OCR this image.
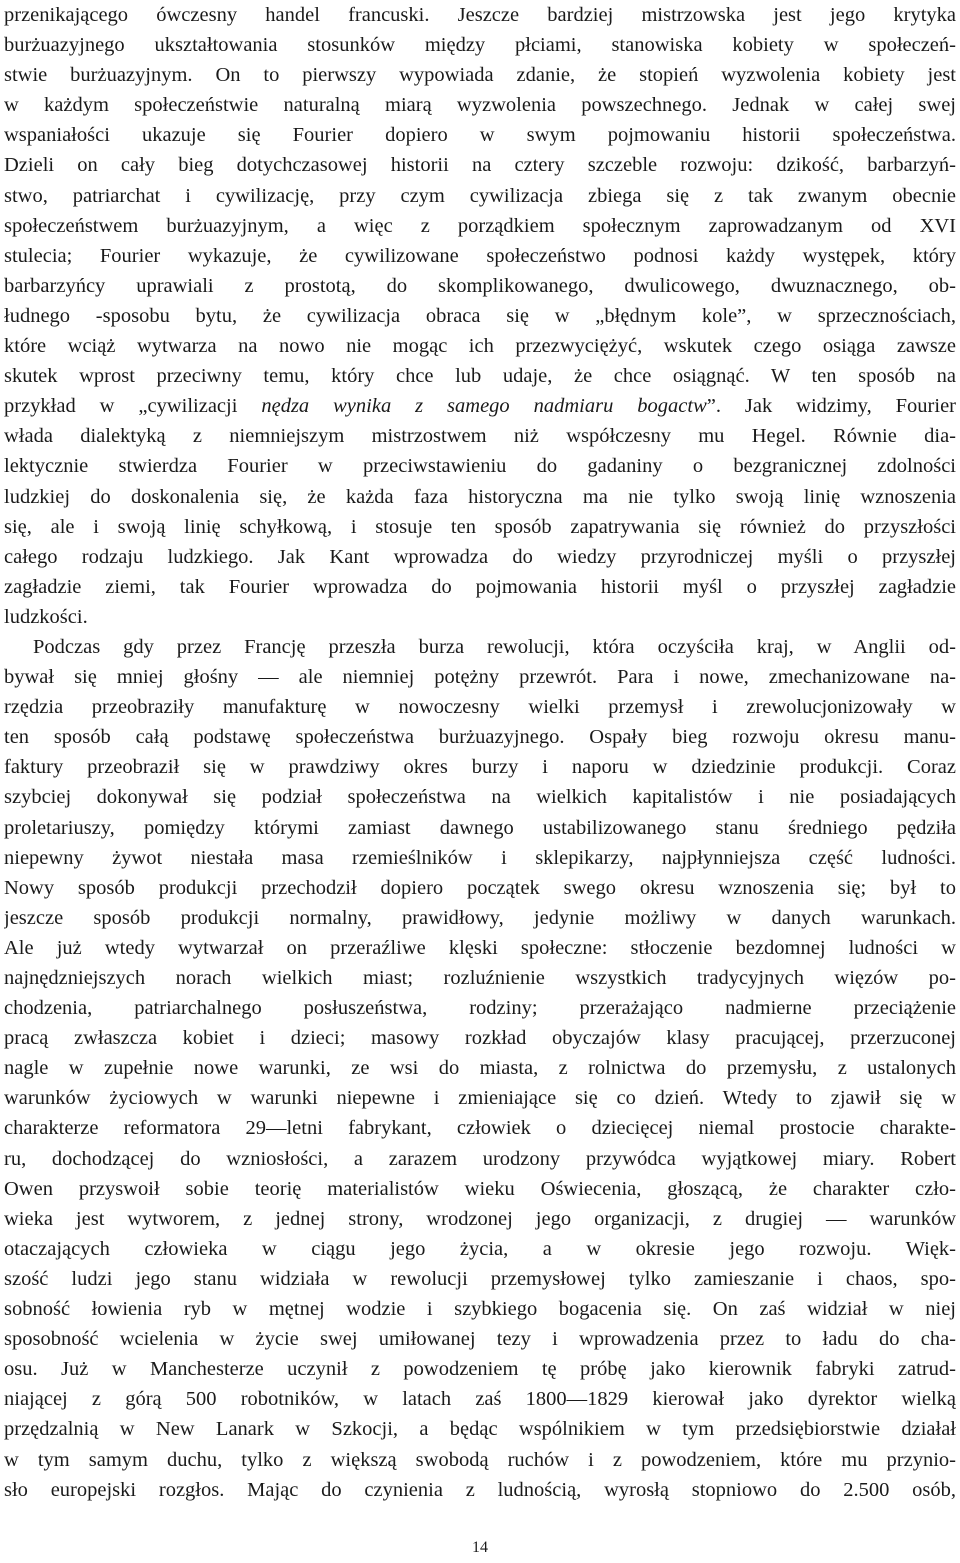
przenikającego ówczesny handel francuski. Jeszcze bardziej mistrzowska jest jego krytyka
burżuazyjnego ukształtowania stosunków między płciami, stanowiska kobiety w społeczeń-
stwie burżuazyjnym. On to pierwszy wypowiada zdanie, że stopień wyzwolenia kobiety jest
w każdym społeczeństwie naturalną miarą wyzwolenia powszechnego. Jednak w całej swej
wspaniałości ukazuje się Fourier dopiero w swym pojmowaniu historii społeczeństwa.
Dzieli on cały bieg dotychczasowej historii na cztery szczeble rozwoju: dzikość, barbarzyń-
stwo, patriarchat i cywilizację, przy czym cywilizacja zbiega się z tak zwanym obecnie
społeczeństwem burżuazyjnym, a więc z porządkiem społecznym zaprowadzanym od XVI
stulecia; Fourier wykazuje, że cywilizowane społeczeństwo podnosi każdy występek, który
barbarzyńcy uprawiali z prostotą, do skomplikowanego, dwulicowego, dwuznacznego, ob-
łudnego -sposobu bytu, że cywilizacja obraca się w „błędnym kole”, w sprzecznościach,
które wciąż wytwarza na nowo nie mogąc ich przezwyciężyć, wskutek czego osiąga zawsze
skutek wprost przeciwny temu, który chce lub udaje, że chce osiągnąć. W ten sposób na
przykład w „cywilizacji nędza wynika z samego nadmiaru bogactw”. Jak widzimy, Fourier
włada dialektyką z niemniejszym mistrzostwem niż współczesny mu Hegel. Równie dia-
lektycznie stwierdza Fourier w przeciwstawieniu do gadaniny o bezgranicznej zdolności
ludzkiej do doskonalenia się, że każda faza historyczna ma nie tylko swoją linię wznoszenia
się, ale i swoją linię schyłkową, i stosuje ten sposób zapatrywania się również do przyszłości
całego rodzaju ludzkiego. Jak Kant wprowadza do wiedzy przyrodniczej myśli o przyszłej
zagładzie ziemi, tak Fourier wprowadza do pojmowania historii myśl o przyszłej zagładzie
ludzkości.
Podczas gdy przez Francję przeszła burza rewolucji, która oczyściła kraj, w Anglii od-
bywał się mniej głośny — ale niemniej potężny przewrót. Para i nowe, zmechanizowane na-
rzędzia przeobraziły manufakturę w nowoczesny wielki przemysł i zrewolucjonizowały w
ten sposób całą podstawę społeczeństwa burżuazyjnego. Ospały bieg rozwoju okresu manu-
faktury przeobraził się w prawdziwy okres burzy i naporu w dziedzinie produkcji. Coraz
szybciej dokonywał się podział społeczeństwa na wielkich kapitalistów i nie posiadających
proletariuszy, pomiędzy którymi zamiast dawnego ustabilizowanego stanu średniego pędziła
niepewny żywot niestała masa rzemieślników i sklepikarzy, najpłynniejsza część ludności.
Nowy sposób produkcji przechodził dopiero początek swego okresu wznoszenia się; był to
jeszcze sposób produkcji normalny, prawidłowy, jedynie możliwy w danych warunkach.
Ale już wtedy wytwarzał on przeraźliwe klęski społeczne: stłoczenie bezdomnej ludności w
najnędzniejszych norach wielkich miast; rozluźnienie wszystkich tradycyjnych więzów po-
chodzenia, patriarchalnego posłuszeństwa, rodziny; przerażająco nadmierne przeciążenie
pracą zwłaszcza kobiet i dzieci; masowy rozkład obyczajów klasy pracującej, przerzuconej
nagle w zupełnie nowe warunki, ze wsi do miasta, z rolnictwa do przemysłu, z ustalonych
warunków życiowych w warunki niepewne i zmieniające się co dzień. Wtedy to zjawił się w
charakterze reformatora 29—letni fabrykant, człowiek o dziecięcej niemal prostocie charakte-
ru, dochodzącej do wzniosłości, a zarazem urodzony przywódca wyjątkowej miary. Robert
Owen przyswoił sobie teorię materialistów wieku Oświecenia, głoszącą, że charakter czło-
wieka jest wytworem, z jednej strony, wrodzonej jego organizacji, z drugiej — warunków
otaczających człowieka w ciągu jego życia, a w okresie jego rozwoju. Więk-
szość ludzi jego stanu widziała w rewolucji przemysłowej tylko zamieszanie i chaos, spo-
sobność łowienia ryb w mętnej wodzie i szybkiego bogacenia się. On zaś widział w niej
sposobność wcielenia w życie swej umiłowanej tezy i wprowadzenia przez to ładu do cha-
osu. Już w Manchesterze uczynił z powodzeniem tę próbę jako kierownik fabryki zatrud-
niającej z górą 500 robotników, w latach zaś 1800—1829 kierował jako dyrektor wielką
przędzalnią w New Lanark w Szkocji, a będąc wspólnikiem w tym przedsiębiorstwie działał
w tym samym duchu, tylko z większą swobodą ruchów i z powodzeniem, które mu przynio-
sło europejski rozgłos. Mając do czynienia z ludnością, wyrosłą stopniowo do 2.500 osób,
14
